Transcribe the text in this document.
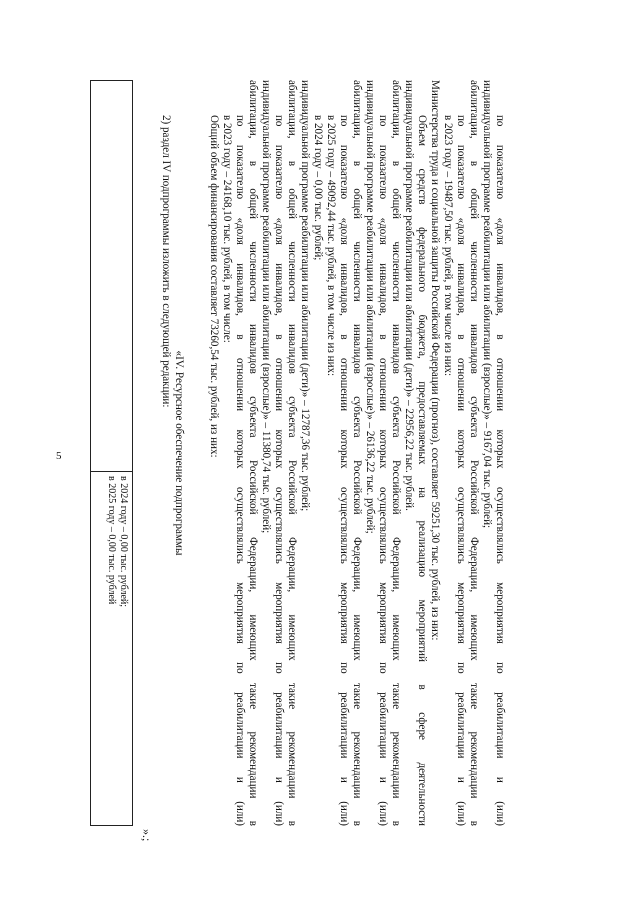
5
в 2024 году – 0,00 тыс. рублей;
в 2025 году – 0,00 тыс. рублей
».;

2) раздел IV подпрограммы изложить в следующей редакции:

«IV. Ресурсное обеспечение подпрограммы Общий объем финансирования составляет 73260,54 тыс. рублей, из них: в 2023 году – 24168,10 тыс. рублей, в том числе: по показателю «доля инвалидов, в отношении которых осуществлялись мероприятия по реабилитации и (или) абилитации, в общей численности инвалидов субъекта Российской Федерации, имеющих такие рекомендации в индивидуальной программе реабилитации или абилитации (взрослые)» – 11380,74 тыс. рублей; по показателю «доля инвалидов, в отношении которых осуществлялись мероприятия по реабилитации и (или) абилитации, в общей численности инвалидов субъекта Российской Федерации, имеющих такие рекомендации в индивидуальной программе реабилитации или абилитации (дети)» – 12787,36 тыс. рублей; в 2024 году – 0,00 тыс. рублей; в 2025 году – 49092,44 тыс. рублей, в том числе из них: по показателю «доля инвалидов, в отношении которых осуществлялись мероприятия по реабилитации и (или) абилитации, в общей численности инвалидов субъекта Российской Федерации, имеющих такие рекомендации в индивидуальной программе реабилитации или абилитации (взрослые)» – 26136,22 тыс. рублей; по показателю «доля инвалидов, в отношении которых осуществлялись мероприятия по реабилитации и (или) абилитации, в общей численности инвалидов субъекта Российской Федерации, имеющих такие рекомендации в индивидуальной программе реабилитации или абилитации (дети)» – 22956,22 тыс. рублей. Объем средств федерального бюджета, предоставляемых на реализацию мероприятий в сфере деятельности Министерства труда и социальной защиты Российской Федерации (прогноз), составляет 59251,30 тыс. рублей, из них: в 2023 году – 19487,50 тыс. рублей, в том числе из них: по показателю «доля инвалидов, в отношении которых осуществлялись мероприятия по реабилитации и (или) абилитации, в общей численности инвалидов субъекта Российской Федерации, имеющих такие рекомендации в индивидуальной программе реабилитации или абилитации (взрослые)» – 9167,04 тыс. рублей; по показателю «доля инвалидов, в отношении которых осуществлялись мероприятия по реабилитации и (или)
